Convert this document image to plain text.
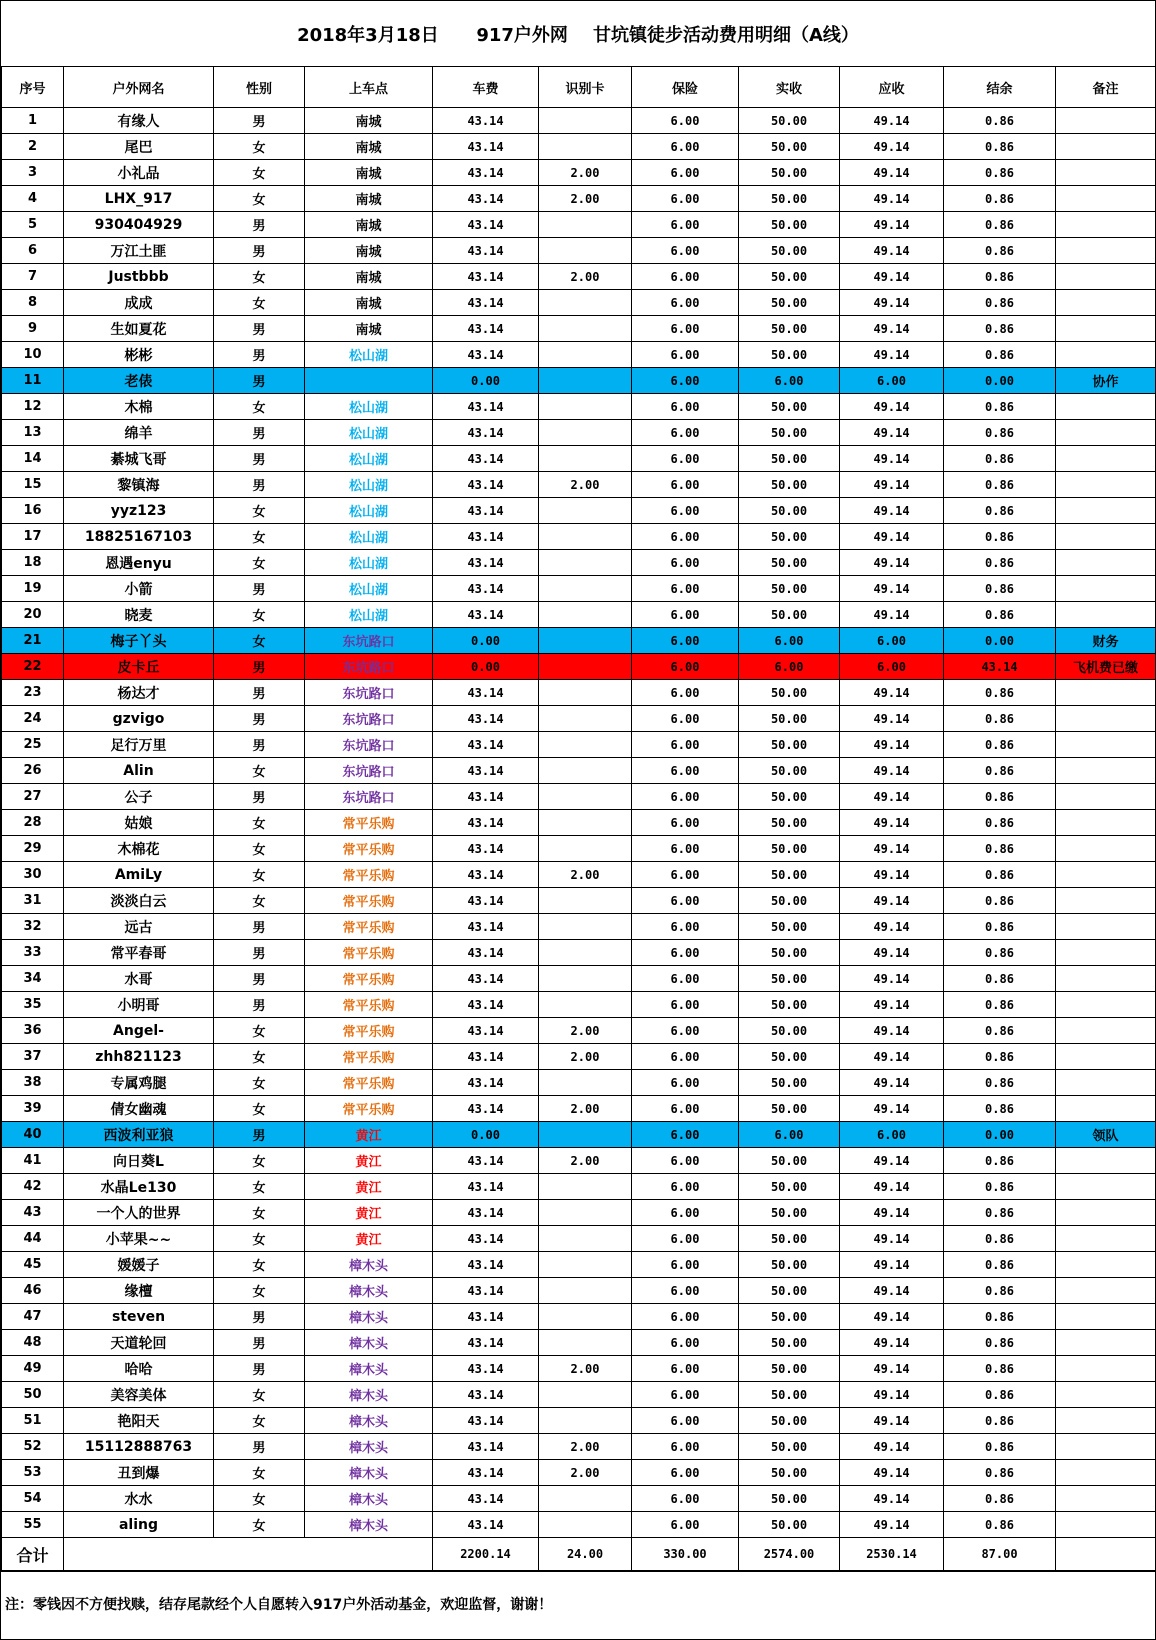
2018年3月18日      917户外网    甘坑镇徒步活动费用明细（A线）
序号	户外网名	性别	上车点	车费	识别卡	保险	实收	应收	结余	备注
1	有缘人	男	南城	43.14		6.00	50.00	49.14	0.86	
2	尾巴	女	南城	43.14		6.00	50.00	49.14	0.86	
3	小礼品	女	南城	43.14	2.00	6.00	50.00	49.14	0.86	
4	LHX_917	女	南城	43.14	2.00	6.00	50.00	49.14	0.86	
5	930404929	男	南城	43.14		6.00	50.00	49.14	0.86	
6	万江土匪	男	南城	43.14		6.00	50.00	49.14	0.86	
7	Justbbb	女	南城	43.14	2.00	6.00	50.00	49.14	0.86	
8	成成	女	南城	43.14		6.00	50.00	49.14	0.86	
9	生如夏花	男	南城	43.14		6.00	50.00	49.14	0.86	
10	彬彬	男	松山湖	43.14		6.00	50.00	49.14	0.86	
11	老俵	男	松山湖	0.00		6.00	6.00	6.00	0.00	协作
12	木棉	女	松山湖	43.14		6.00	50.00	49.14	0.86	
13	绵羊	男	松山湖	43.14		6.00	50.00	49.14	0.86	
14	綦城飞哥	男	松山湖	43.14		6.00	50.00	49.14	0.86	
15	黎镇海	男	松山湖	43.14	2.00	6.00	50.00	49.14	0.86	
16	yyz123	女	松山湖	43.14		6.00	50.00	49.14	0.86	
17	18825167103	女	松山湖	43.14		6.00	50.00	49.14	0.86	
18	恩遇enyu	女	松山湖	43.14		6.00	50.00	49.14	0.86	
19	小箭	男	松山湖	43.14		6.00	50.00	49.14	0.86	
20	晓麦	女	松山湖	43.14		6.00	50.00	49.14	0.86	
21	梅子丫头	女	东坑路口	0.00		6.00	6.00	6.00	0.00	财务
22	皮卡丘	男	东坑路口	0.00		6.00	6.00	6.00	43.14	飞机费已缴
23	杨达才	男	东坑路口	43.14		6.00	50.00	49.14	0.86	
24	gzvigo	男	东坑路口	43.14		6.00	50.00	49.14	0.86	
25	足行万里	男	东坑路口	43.14		6.00	50.00	49.14	0.86	
26	Alin	女	东坑路口	43.14		6.00	50.00	49.14	0.86	
27	公子	男	东坑路口	43.14		6.00	50.00	49.14	0.86	
28	姑娘	女	常平乐购	43.14		6.00	50.00	49.14	0.86	
29	木棉花	女	常平乐购	43.14		6.00	50.00	49.14	0.86	
30	AmiLy	女	常平乐购	43.14	2.00	6.00	50.00	49.14	0.86	
31	淡淡白云	女	常平乐购	43.14		6.00	50.00	49.14	0.86	
32	远古	男	常平乐购	43.14		6.00	50.00	49.14	0.86	
33	常平春哥	男	常平乐购	43.14		6.00	50.00	49.14	0.86	
34	水哥	男	常平乐购	43.14		6.00	50.00	49.14	0.86	
35	小明哥	男	常平乐购	43.14		6.00	50.00	49.14	0.86	
36	Angel-	女	常平乐购	43.14	2.00	6.00	50.00	49.14	0.86	
37	zhh821123	女	常平乐购	43.14	2.00	6.00	50.00	49.14	0.86	
38	专属鸡腿	女	常平乐购	43.14		6.00	50.00	49.14	0.86	
39	倩女幽魂	女	常平乐购	43.14	2.00	6.00	50.00	49.14	0.86	
40	西波利亚狼	男	黄江	0.00		6.00	6.00	6.00	0.00	领队
41	向日葵L	女	黄江	43.14	2.00	6.00	50.00	49.14	0.86	
42	水晶Le130	女	黄江	43.14		6.00	50.00	49.14	0.86	
43	一个人的世界	女	黄江	43.14		6.00	50.00	49.14	0.86	
44	小苹果~~	女	黄江	43.14		6.00	50.00	49.14	0.86	
45	媛媛子	女	樟木头	43.14		6.00	50.00	49.14	0.86	
46	缘檀	女	樟木头	43.14		6.00	50.00	49.14	0.86	
47	steven	男	樟木头	43.14		6.00	50.00	49.14	0.86	
48	天道轮回	男	樟木头	43.14		6.00	50.00	49.14	0.86	
49	哈哈	男	樟木头	43.14	2.00	6.00	50.00	49.14	0.86	
50	美容美体	女	樟木头	43.14		6.00	50.00	49.14	0.86	
51	艳阳天	女	樟木头	43.14		6.00	50.00	49.14	0.86	
52	15112888763	男	樟木头	43.14	2.00	6.00	50.00	49.14	0.86	
53	丑到爆	女	樟木头	43.14	2.00	6.00	50.00	49.14	0.86	
54	水水	女	樟木头	43.14		6.00	50.00	49.14	0.86	
55	aling	女	樟木头	43.14		6.00	50.00	49.14	0.86	
合计				2200.14	24.00	330.00	2574.00	2530.14	87.00	
注：零钱因不方便找赎，结存尾款经个人自愿转入917户外活动基金，欢迎监督，谢谢！
